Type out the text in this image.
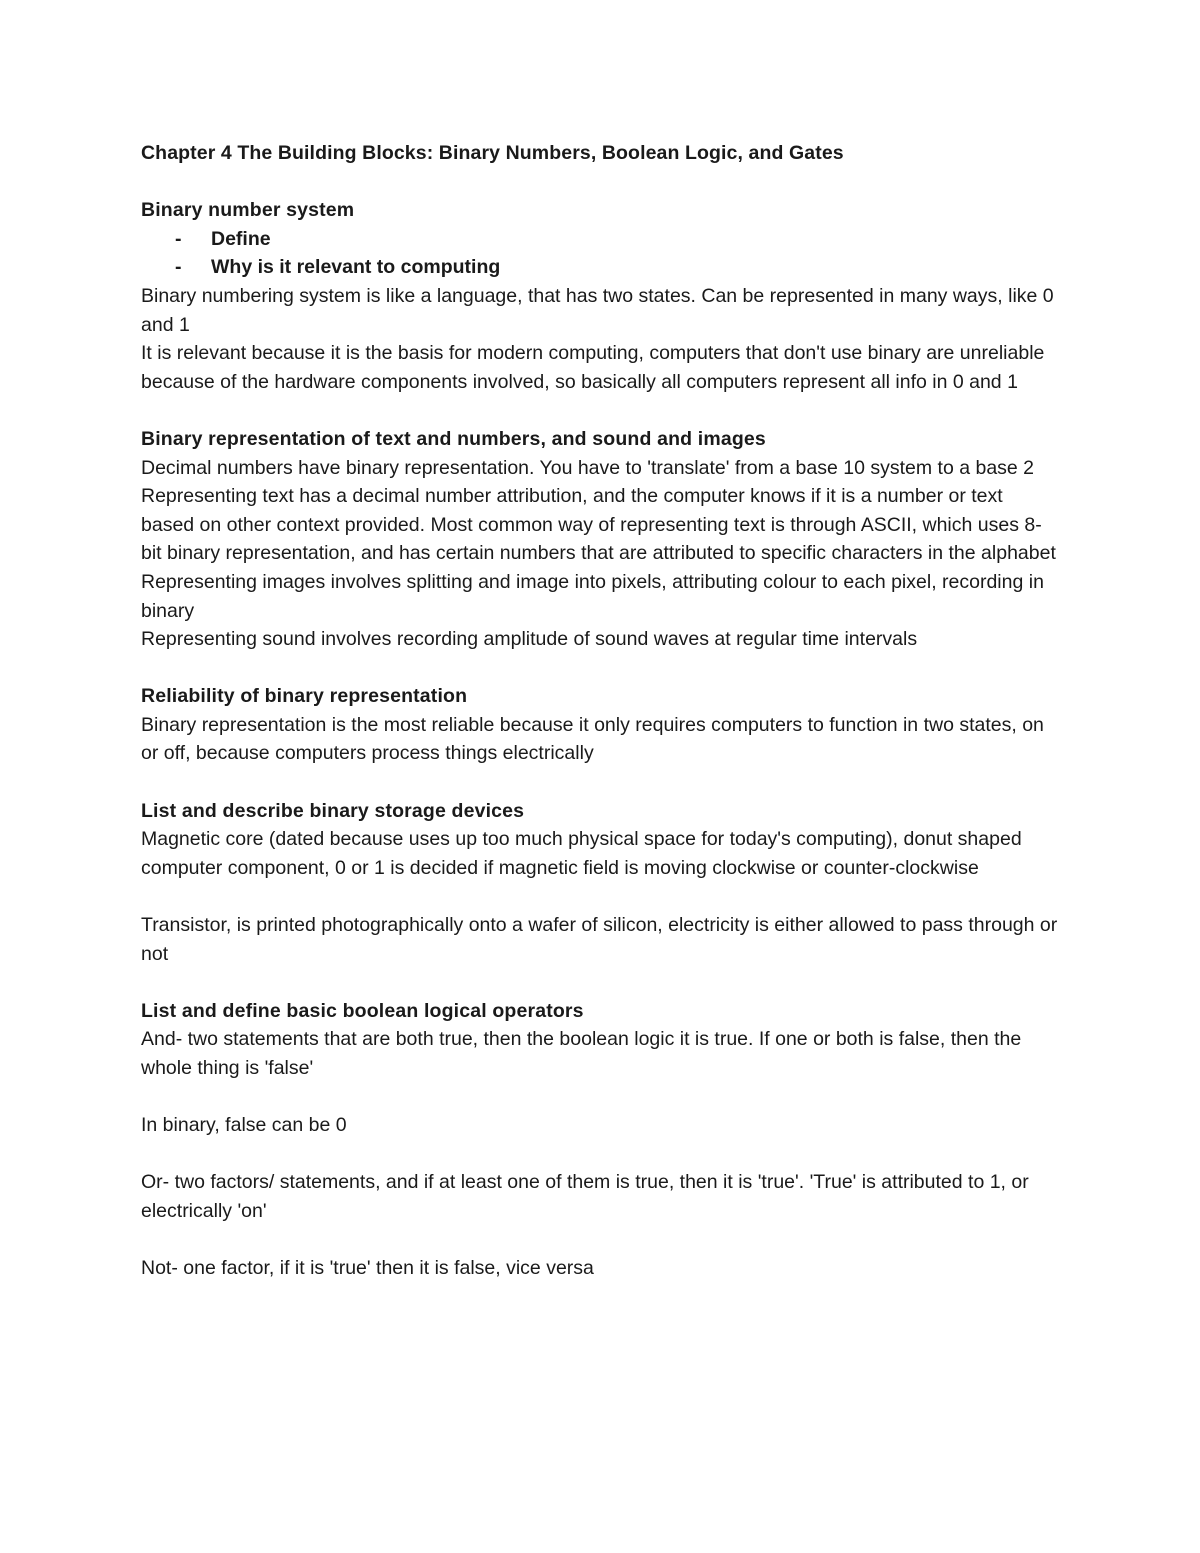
Chapter 4 The Building Blocks: Binary Numbers, Boolean Logic, and Gates
Binary number system
- Define
- Why is it relevant to computing

Binary numbering system is like a language, that has two states. Can be represented in many ways, like 0 and 1

It is relevant because it is the basis for modern computing, computers that don't use binary are unreliable because of the hardware components involved, so basically all computers represent all info in 0 and 1

Binary representation of text and numbers, and sound and images

Decimal numbers have binary representation. You have to 'translate' from a base 10 system to a base 2

Representing text has a decimal number attribution, and the computer knows if it is a number or text based on other context provided. Most common way of representing text is through ASCII, which uses 8-bit binary representation, and has certain numbers that are attributed to specific characters in the alphabet

Representing images involves splitting and image into pixels, attributing colour to each pixel, recording in binary

Representing sound involves recording amplitude of sound waves at regular time intervals

Reliability of binary representation

Binary representation is the most reliable because it only requires computers to function in two states, on or off, because computers process things electrically

List and describe binary storage devices

Magnetic core (dated because uses up too much physical space for today's computing), donut shaped computer component, 0 or 1 is decided if magnetic field is moving clockwise or counter-clockwise

Transistor, is printed photographically onto a wafer of silicon, electricity is either allowed to pass through or not

List and define basic boolean logical operators

And- two statements that are both true, then the boolean logic it is true. If one or both is false, then the whole thing is 'false'

In binary, false can be 0

Or- two factors/ statements, and if at least one of them is true, then it is 'true'. 'True' is attributed to 1, or electrically 'on'

Not- one factor, if it is 'true' then it is false, vice versa
